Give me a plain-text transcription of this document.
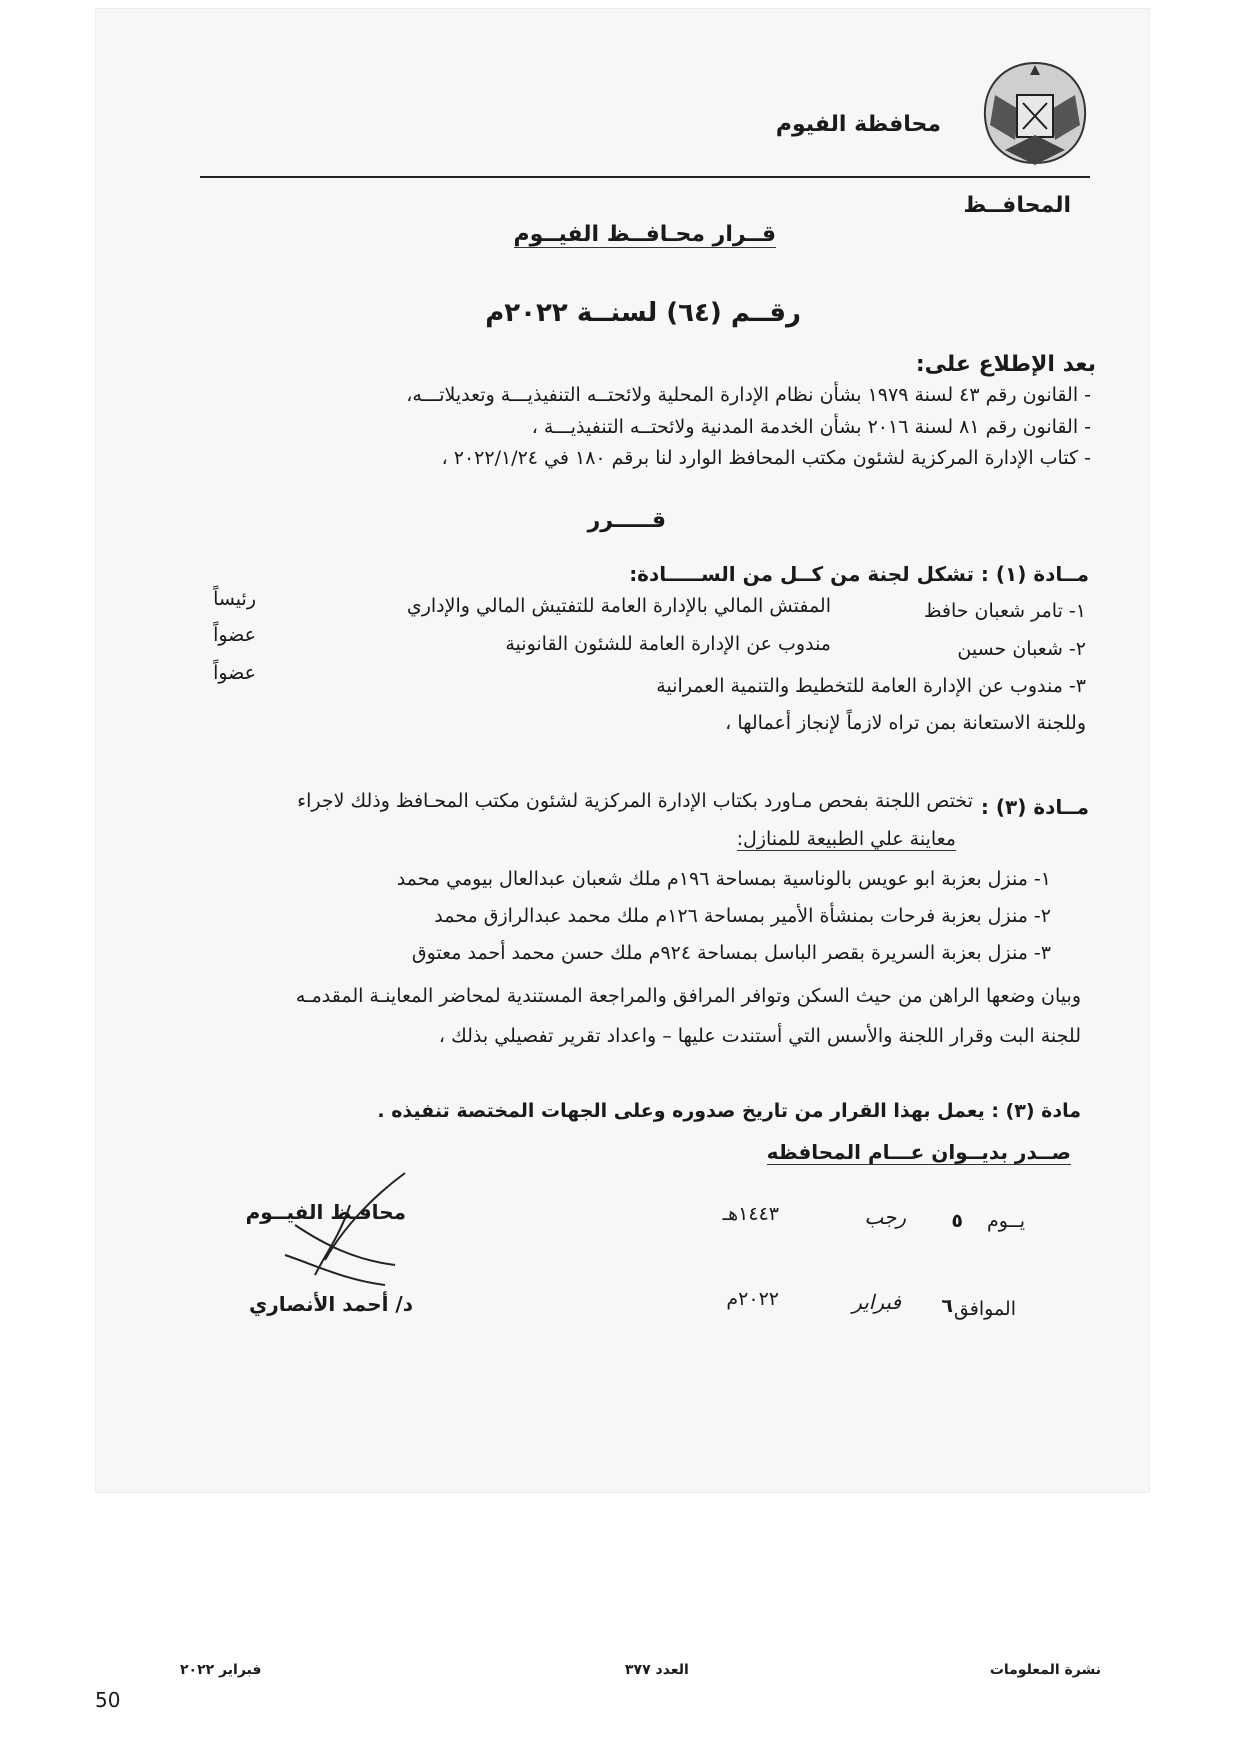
محافظة الفيوم
المحافــظ
قــرار محـافــظ الفيــوم
رقــم (٦٤) لسنــة ٢٠٢٢م
بعد الإطلاع على:
- القانون رقم ٤٣ لسنة ١٩٧٩ بشأن نظام الإدارة المحلية ولائحتــه التنفيذيـــة وتعديلاتـــه،
- القانون رقم ٨١ لسنة ٢٠١٦ بشأن الخدمة المدنية ولائحتــه التنفيذيـــة ،
- كتاب الإدارة المركزية لشئون مكتب المحافظ الوارد لنا برقم ١٨٠ في ٢٠٢٢/١/٢٤ ،
قـــــرر
مــادة (١) : تشكل لجنة من كــل من الســـــادة:
١- تامر شعبان حافظ
المفتش المالي بالإدارة العامة للتفتيش المالي والإداري
رئيساً
٢- شعبان حسين
مندوب عن الإدارة العامة للشئون القانونية
عضواً
٣- مندوب عن الإدارة العامة للتخطيط والتنمية العمرانية
عضواً
وللجنة الاستعانة بمن تراه لازماً لإنجاز أعمالها ،
مــادة (٣) :
تختص اللجنة بفحص مـاورد بكتاب الإدارة المركزية لشئون مكتب المحـافظ وذلك لاجراء
معاينة علي الطبيعة للمنازل:
١- منزل بعزبة ابو عويس بالوناسية بمساحة ١٩٦م ملك شعبان عبدالعال بيومي محمد
٢- منزل بعزبة فرحات بمنشأة الأمير بمساحة ١٢٦م ملك محمد عبدالرازق محمد
٣- منزل بعزبة السريرة بقصر الباسل بمساحة ٩٢٤م ملك حسن محمد أحمد معتوق
وبيان وضعها الراهن من حيث السكن وتوافر المرافق والمراجعة المستندية لمحاضر المعاينـة المقدمـه
للجنة البت وقرار اللجنة والأسس التي أستندت عليها – واعداد تقرير تفصيلي بذلك ،
مادة (٣) : يعمل بهذا القرار من تاريخ صدوره وعلى الجهات المختصة تنفيذه .
صــدر بديــوان عـــام المحافظه
يــوم
٥
رجب
١٤٤٣هـ
الموافق
٦
فبراير
٢٠٢٢م
محافـظ الفيــوم
د/ أحمد الأنصاري
نشرة المعلومات
العدد ٣٧٧
فبراير ٢٠٢٢
50
